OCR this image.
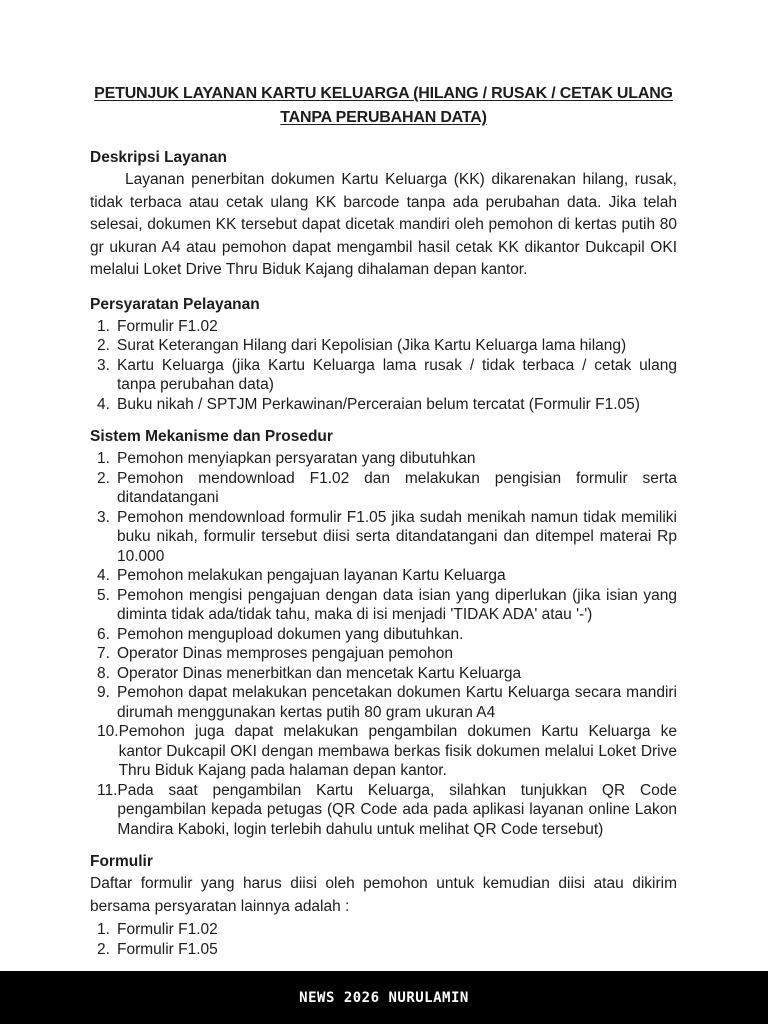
PETUNJUK LAYANAN KARTU KELUARGA (HILANG / RUSAK / CETAK ULANG
TANPA PERUBAHAN DATA)
Deskripsi Layanan

Layanan penerbitan dokumen Kartu Keluarga (KK) dikarenakan hilang, rusak, tidak terbaca atau cetak ulang KK barcode tanpa ada perubahan data. Jika telah selesai, dokumen KK tersebut dapat dicetak mandiri oleh pemohon di kertas putih 80 gr ukuran A4 atau pemohon dapat mengambil hasil cetak KK dikantor Dukcapil OKI melalui Loket Drive Thru Biduk Kajang dihalaman depan kantor.

Persyaratan Pelayanan
1. Formulir F1.02
2. Surat Keterangan Hilang dari Kepolisian (Jika Kartu Keluarga lama hilang)
3. Kartu Keluarga (jika Kartu Keluarga lama rusak / tidak terbaca / cetak ulang tanpa perubahan data)
4. Buku nikah / SPTJM Perkawinan/Perceraian belum tercatat (Formulir F1.05)
Sistem Mekanisme dan Prosedur
1. Pemohon menyiapkan persyaratan yang dibutuhkan
2. Pemohon mendownload F1.02 dan melakukan pengisian formulir serta ditandatangani
3. Pemohon mendownload formulir F1.05 jika sudah menikah namun tidak memiliki buku nikah, formulir tersebut diisi serta ditandatangani dan ditempel materai Rp 10.000
4. Pemohon melakukan pengajuan layanan Kartu Keluarga
5. Pemohon mengisi pengajuan dengan data isian yang diperlukan (jika isian yang diminta tidak ada/tidak tahu, maka di isi menjadi 'TIDAK ADA' atau '-')
6. Pemohon mengupload dokumen yang dibutuhkan.
7. Operator Dinas memproses pengajuan pemohon
8. Operator Dinas menerbitkan dan mencetak Kartu Keluarga
9. Pemohon dapat melakukan pencetakan dokumen Kartu Keluarga secara mandiri dirumah menggunakan kertas putih 80 gram ukuran A4
10. Pemohon juga dapat melakukan pengambilan dokumen Kartu Keluarga ke kantor Dukcapil OKI dengan membawa berkas fisik dokumen melalui Loket Drive Thru Biduk Kajang pada halaman depan kantor.
11. Pada saat pengambilan Kartu Keluarga, silahkan tunjukkan QR Code pengambilan kepada petugas (QR Code ada pada aplikasi layanan online Lakon Mandira Kaboki, login terlebih dahulu untuk melihat QR Code tersebut)
Formulir

Daftar formulir yang harus diisi oleh pemohon untuk kemudian diisi atau dikirim bersama persyaratan lainnya adalah :

1. Formulir F1.02
2. Formulir F1.05
NEWS 2026 NURULAMIN
